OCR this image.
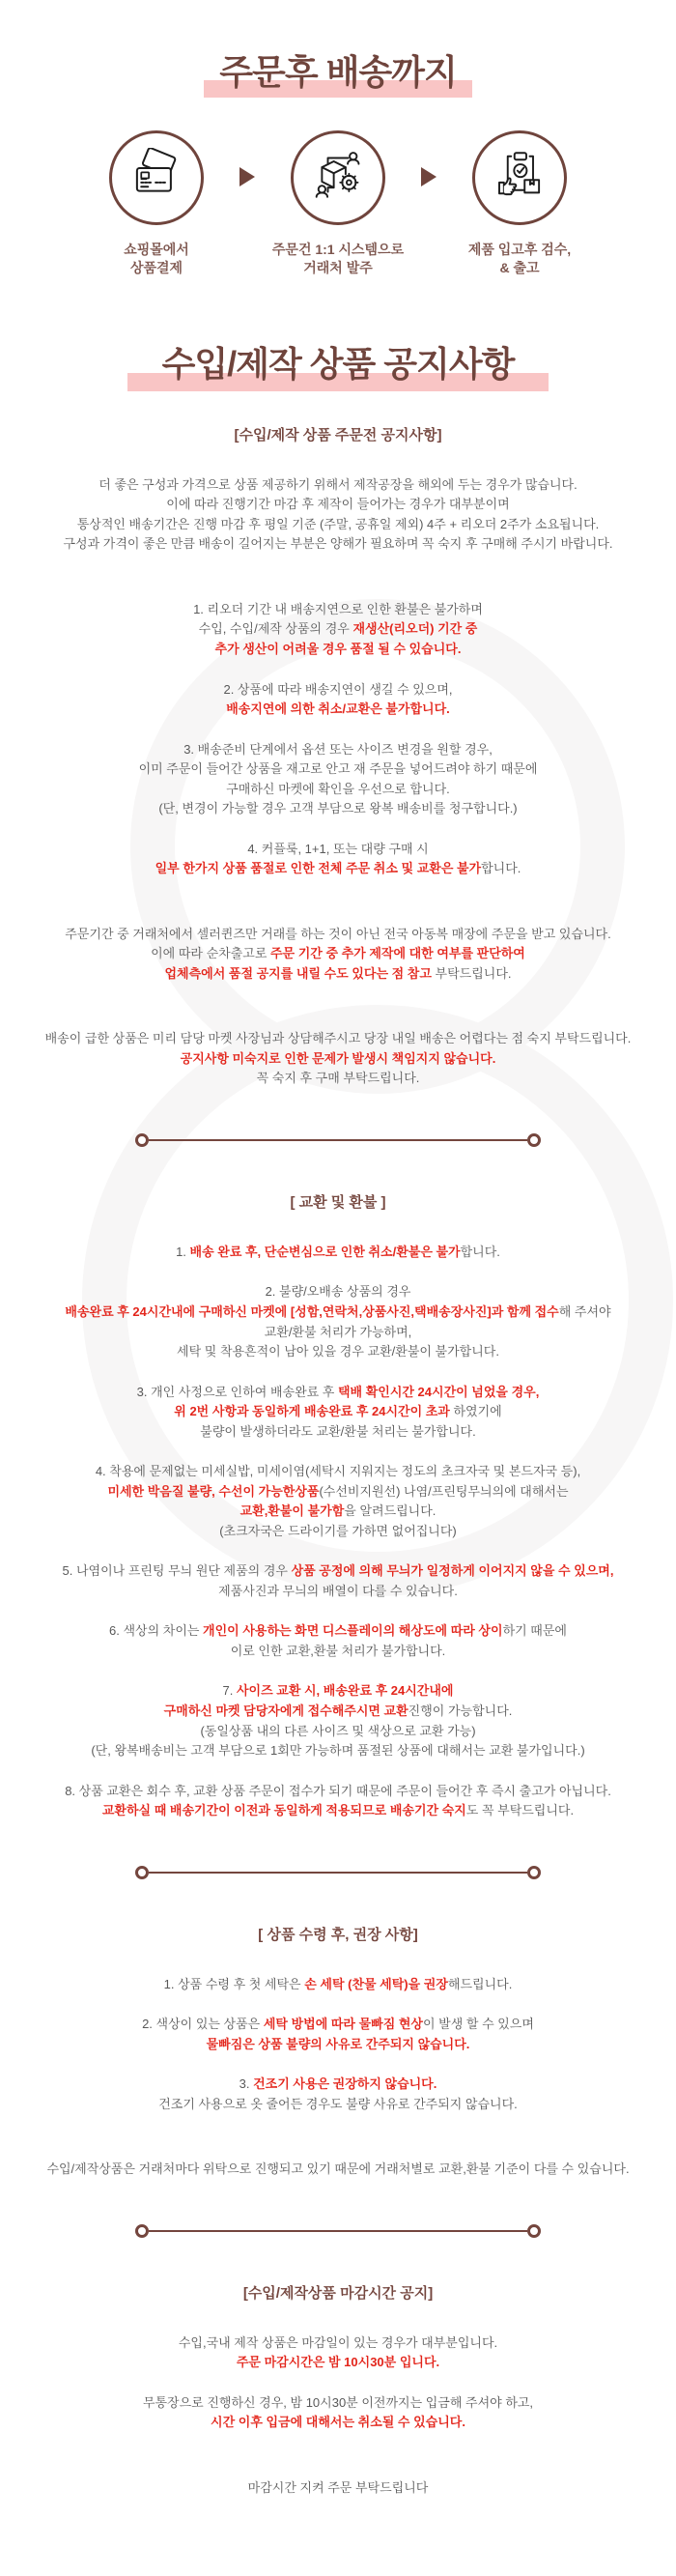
주문후 배송까지
쇼핑몰에서
상품결제
주문건 1:1 시스템으로
거래처 발주
제품 입고후 검수,
& 출고
수입/제작 상품 공지사항
[수입/제작 상품 주문전 공지사항]
더 좋은 구성과 가격으로 상품 제공하기 위해서 제작공장을 해외에 두는 경우가 많습니다.
이에 따라 진행기간 마감 후 제작이 들어가는 경우가 대부분이며
통상적인 배송기간은 진행 마감 후 평일 기준 (주말, 공휴일 제외) 4주 + 리오더 2주가 소요됩니다.
구성과 가격이 좋은 만큼 배송이 길어지는 부분은 양해가 필요하며 꼭 숙지 후 구매해 주시기 바랍니다.
1. 리오더 기간 내 배송지연으로 인한 환불은 불가하며
수입, 수입/제작 상품의 경우 재생산(리오더) 기간 중
추가 생산이 어려울 경우 품절 될 수 있습니다.
2. 상품에 따라 배송지연이 생길 수 있으며,
배송지연에 의한 취소/교환은 불가합니다.
3. 배송준비 단계에서 옵션 또는 사이즈 변경을 원할 경우,
이미 주문이 들어간 상품을 재고로 안고 재 주문을 넣어드려야 하기 때문에
구매하신 마켓에 확인을 우선으로 합니다.
(단, 변경이 가능할 경우 고객 부담으로 왕복 배송비를 청구합니다.)
4. 커플룩, 1+1, 또는 대량 구매 시
일부 한가지 상품 품절로 인한 전체 주문 취소 및 교환은 불가합니다.
주문기간 중 거래처에서 셀러퀸즈만 거래를 하는 것이 아닌 전국 아동복 매장에 주문을 받고 있습니다.
이에 따라 순차출고로 주문 기간 중 추가 제작에 대한 여부를 판단하여
업체측에서 품절 공지를 내릴 수도 있다는 점 참고 부탁드립니다.
배송이 급한 상품은 미리 담당 마켓 사장님과 상담해주시고 당장 내일 배송은 어렵다는 점 숙지 부탁드립니다.
공지사항 미숙지로 인한 문제가 발생시 책임지지 않습니다.
꼭 숙지 후 구매 부탁드립니다.
[ 교환 및 환불 ]
1. 배송 완료 후, 단순변심으로 인한 취소/환불은 불가합니다.
2. 불량/오배송 상품의 경우
배송완료 후 24시간내에 구매하신 마켓에 [성함,연락처,상품사진,택배송장사진]과 함께 접수해 주셔야
교환/환불 처리가 가능하며,
세탁 및 착용흔적이 남아 있을 경우 교환/환불이 불가합니다.
3. 개인 사정으로 인하여 배송완료 후 택배 확인시간 24시간이 넘었을 경우,
위 2번 사항과 동일하게 배송완료 후 24시간이 초과 하였기에
불량이 발생하더라도 교환/환불 처리는 불가합니다.
4. 착용에 문제없는 미세실밥, 미세이염(세탁시 지워지는 정도의 초크자국 및 본드자국 등),
미세한 박음질 불량, 수선이 가능한상품(수선비지원선) 나염/프린팅무늬의에 대해서는
교환,환불이 불가함을 알려드립니다.
(초크자국은 드라이기를 가하면 없어집니다)
5. 나염이나 프린팅 무늬 원단 제품의 경우 상품 공정에 의해 무늬가 일정하게 이어지지 않을 수 있으며,
제품사진과 무늬의 배열이 다를 수 있습니다.
6. 색상의 차이는 개인이 사용하는 화면 디스플레이의 해상도에 따라 상이하기 때문에
이로 인한 교환,환불 처리가 불가합니다.
7. 사이즈 교환 시, 배송완료 후 24시간내에
구매하신 마켓 담당자에게 접수해주시면 교환진행이 가능합니다.
(동일상품 내의 다른 사이즈 및 색상으로 교환 가능)
(단, 왕복배송비는 고객 부담으로 1회만 가능하며 품절된 상품에 대해서는 교환 불가입니다.)
8. 상품 교환은 회수 후, 교환 상품 주문이 접수가 되기 때문에 주문이 들어간 후 즉시 출고가 아닙니다.
교환하실 때 배송기간이 이전과 동일하게 적용되므로 배송기간 숙지도 꼭 부탁드립니다.
[ 상품 수령 후, 권장 사항]
1. 상품 수령 후 첫 세탁은 손 세탁 (찬물 세탁)을 권장해드립니다.
2. 색상이 있는 상품은 세탁 방법에 따라 물빠짐 현상이 발생 할 수 있으며
물빠짐은 상품 불량의 사유로 간주되지 않습니다.
3. 건조기 사용은 권장하지 않습니다.
건조기 사용으로 옷 줄어든 경우도 불량 사유로 간주되지 않습니다.
수입/제작상품은 거래처마다 위탁으로 진행되고 있기 때문에 거래처별로 교환,환불 기준이 다를 수 있습니다.
[수입/제작상품 마감시간 공지]
수입,국내 제작 상품은 마감일이 있는 경우가 대부분입니다.
주문 마감시간은 밤 10시30분 입니다.
무통장으로 진행하신 경우, 밤 10시30분 이전까지는 입금해 주셔야 하고,
시간 이후 입금에 대해서는 취소될 수 있습니다.
마감시간 지켜 주문 부탁드립니다
